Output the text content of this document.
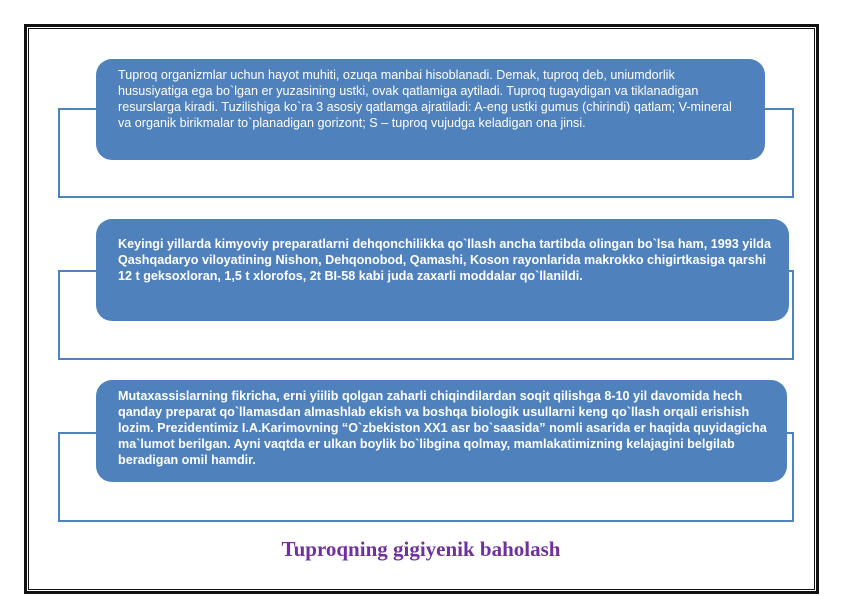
Tuproq organizmlar uchun hayot muhiti, ozuqa manbai hisoblanadi. Demak, tuproq deb, uniumdorlik hususiyatiga ega bo`lgan er yuzasining ustki, ovak qatlamiga aytiladi. Tuproq tugaydigan va tiklanadigan resurslarga kiradi. Tuzilishiga ko`ra 3 asosiy qatlamga ajratiladi: A-eng ustki gumus (chirindi) qatlam; V-mineral va organik birikmalar to`planadigan gorizont; S – tuproq vujudga keladigan ona jinsi.

Keyingi yillarda kimyoviy preparatlarni dehqonchilikka qo`llash ancha tartibda olingan bo`lsa ham, 1993 yilda Qashqadaryo viloyatining Nishon, Dehqonobod, Qamashi, Koson rayonlarida makrokko chigirtkasiga qarshi 12 t geksoxloran, 1,5 t xlorofos, 2t BI-58 kabi juda zaxarli moddalar qo`llanildi.

Mutaxassislarning fikricha, erni yiilib qolgan zaharli chiqindilardan soqit qilishga 8-10 yil davomida hech qanday preparat qo`llamasdan almashlab ekish va boshqa biologik usullarni keng qo`llash orqali erishish lozim. Prezidentimiz I.A.Karimovning “O`zbekiston XX1 asr bo`saasida” nomli asarida er haqida quyidagicha ma`lumot berilgan. Ayni vaqtda er ulkan boylik bo`libgina qolmay, mamlakatimizning kelajagini belgilab beradigan omil hamdir.

Tuproqning gigiyenik baholash
